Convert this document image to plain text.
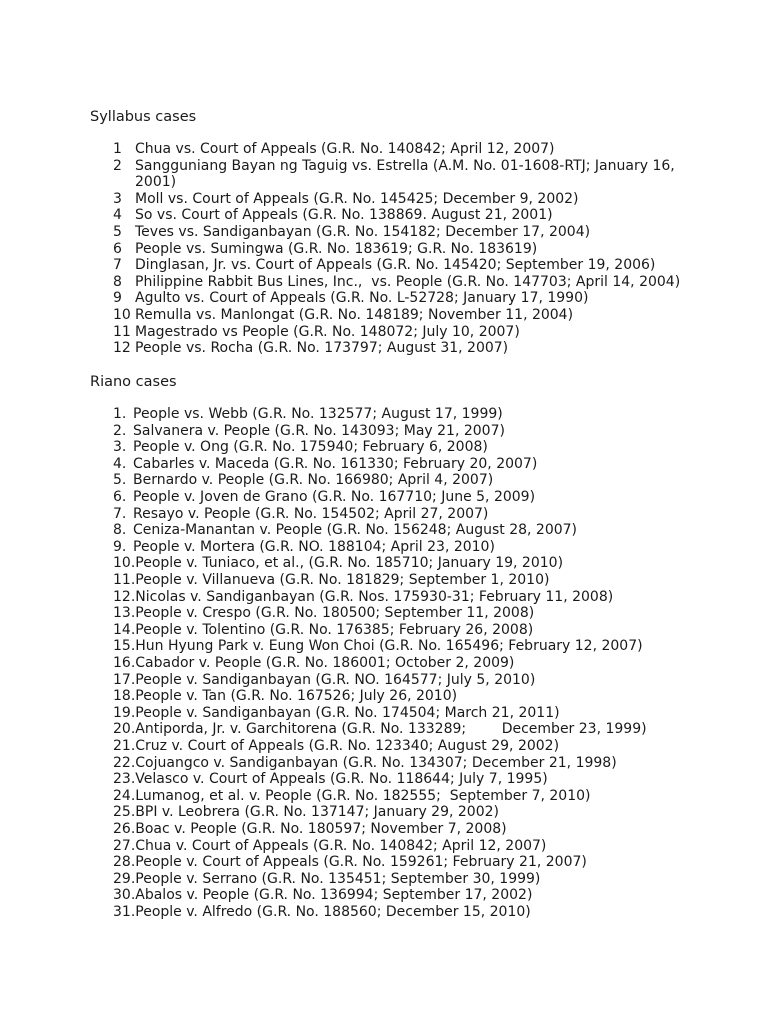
Syllabus cases
1 Chua vs. Court of Appeals (G.R. No. 140842; April 12, 2007)
2 Sangguniang Bayan ng Taguig vs. Estrella (A.M. No. 01-1608-RTJ; January 16,
2001)
3 Moll vs. Court of Appeals (G.R. No. 145425; December 9, 2002)
4 So vs. Court of Appeals (G.R. No. 138869. August 21, 2001)
5 Teves vs. Sandiganbayan (G.R. No. 154182; December 17, 2004)
6 People vs. Sumingwa (G.R. No. 183619; G.R. No. 183619)
7 Dinglasan, Jr. vs. Court of Appeals (G.R. No. 145420; September 19, 2006)
8 Philippine Rabbit Bus Lines, Inc.,  vs. People (G.R. No. 147703; April 14, 2004)
9 Agulto vs. Court of Appeals (G.R. No. L-52728; January 17, 1990)
10 Remulla vs. Manlongat (G.R. No. 148189; November 11, 2004)
11 Magestrado vs People (G.R. No. 148072; July 10, 2007)
12 People vs. Rocha (G.R. No. 173797; August 31, 2007)
Riano cases
1. People vs. Webb (G.R. No. 132577; August 17, 1999)
2. Salvanera v. People (G.R. No. 143093; May 21, 2007)
3. People v. Ong (G.R. No. 175940; February 6, 2008)
4. Cabarles v. Maceda (G.R. No. 161330; February 20, 2007)
5. Bernardo v. People (G.R. No. 166980; April 4, 2007)
6. People v. Joven de Grano (G.R. No. 167710; June 5, 2009)
7. Resayo v. People (G.R. No. 154502; April 27, 2007)
8. Ceniza-Manantan v. People (G.R. No. 156248; August 28, 2007)
9. People v. Mortera (G.R. NO. 188104; April 23, 2010)
10. People v. Tuniaco, et al., (G.R. No. 185710; January 19, 2010)
11. People v. Villanueva (G.R. No. 181829; September 1, 2010)
12. Nicolas v. Sandiganbayan (G.R. Nos. 175930-31; February 11, 2008)
13. People v. Crespo (G.R. No. 180500; September 11, 2008)
14. People v. Tolentino (G.R. No. 176385; February 26, 2008)
15. Hun Hyung Park v. Eung Won Choi (G.R. No. 165496; February 12, 2007)
16. Cabador v. People (G.R. No. 186001; October 2, 2009)
17. People v. Sandiganbayan (G.R. NO. 164577; July 5, 2010)
18. People v. Tan (G.R. No. 167526; July 26, 2010)
19. People v. Sandiganbayan (G.R. No. 174504; March 21, 2011)
20. Antiporda, Jr. v. Garchitorena (G.R. No. 133289;        December 23, 1999)
21. Cruz v. Court of Appeals (G.R. No. 123340; August 29, 2002)
22. Cojuangco v. Sandiganbayan (G.R. No. 134307; December 21, 1998)
23. Velasco v. Court of Appeals (G.R. No. 118644; July 7, 1995)
24. Lumanog, et al. v. People (G.R. No. 182555;  September 7, 2010)
25. BPI v. Leobrera (G.R. No. 137147; January 29, 2002)
26. Boac v. People (G.R. No. 180597; November 7, 2008)
27. Chua v. Court of Appeals (G.R. No. 140842; April 12, 2007)
28. People v. Court of Appeals (G.R. No. 159261; February 21, 2007)
29. People v. Serrano (G.R. No. 135451; September 30, 1999)
30. Abalos v. People (G.R. No. 136994; September 17, 2002)
31. People v. Alfredo (G.R. No. 188560; December 15, 2010)
